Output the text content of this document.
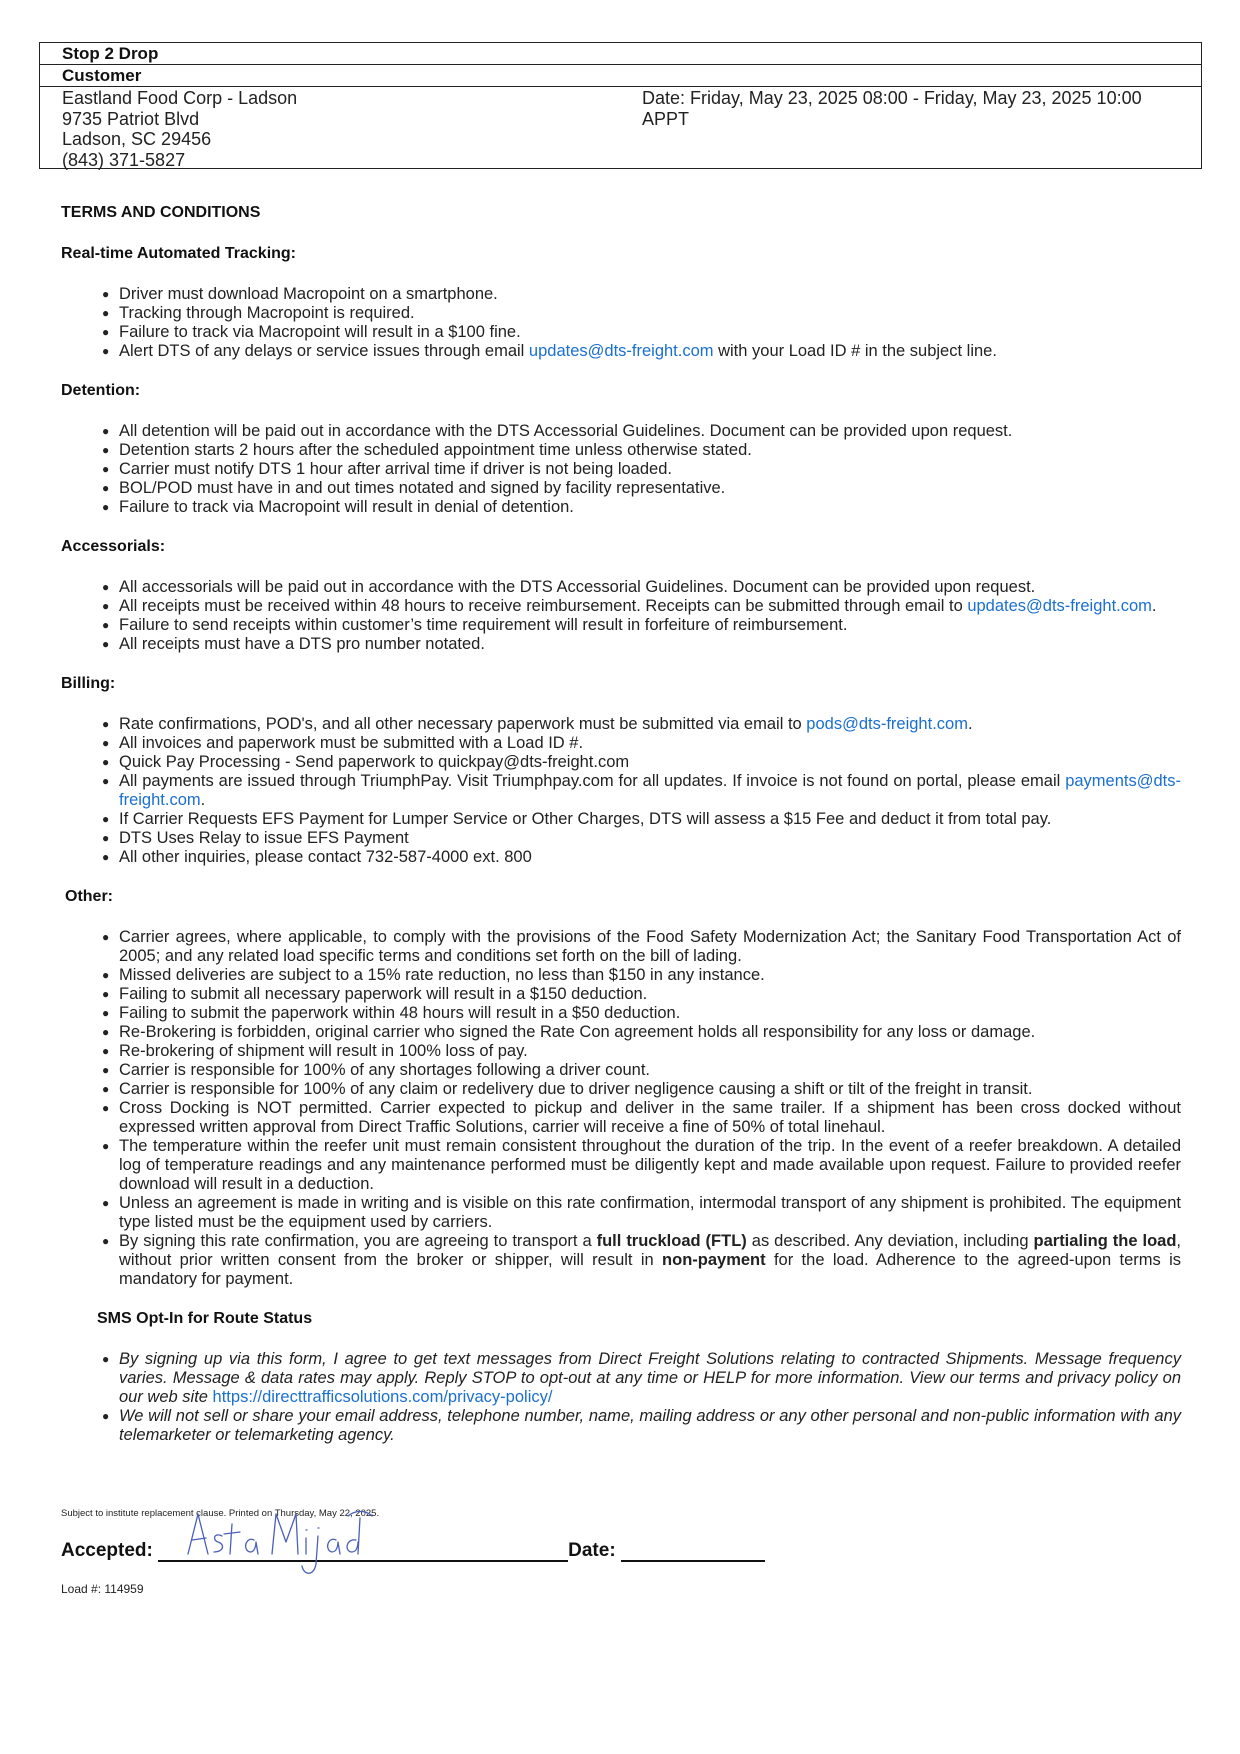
Stop 2 Drop
Customer
Eastland Food Corp - Ladson
9735 Patriot Blvd
Ladson, SC 29456
(843) 371-5827
Date: Friday, May 23, 2025 08:00 - Friday, May 23, 2025 10:00
APPT
TERMS AND CONDITIONS
Real-time Automated Tracking:
● Driver must download Macropoint on a smartphone.
● Tracking through Macropoint is required.
● Failure to track via Macropoint will result in a $100 fine.
● Alert DTS of any delays or service issues through email updates@dts-freight.com with your Load ID # in the subject line.
Detention:
● All detention will be paid out in accordance with the DTS Accessorial Guidelines. Document can be provided upon request.
● Detention starts 2 hours after the scheduled appointment time unless otherwise stated.
● Carrier must notify DTS 1 hour after arrival time if driver is not being loaded.
● BOL/POD must have in and out times notated and signed by facility representative.
● Failure to track via Macropoint will result in denial of detention.
Accessorials:
● All accessorials will be paid out in accordance with the DTS Accessorial Guidelines. Document can be provided upon request.
● All receipts must be received within 48 hours to receive reimbursement. Receipts can be submitted through email to updates@dts-freight.com.
● Failure to send receipts within customer’s time requirement will result in forfeiture of reimbursement.
● All receipts must have a DTS pro number notated.
Billing:
● Rate confirmations, POD's, and all other necessary paperwork must be submitted via email to pods@dts-freight.com.
● All invoices and paperwork must be submitted with a Load ID #.
● Quick Pay Processing - Send paperwork to quickpay@dts-freight.com
● All payments are issued through TriumphPay. Visit Triumphpay.com for all updates. If invoice is not found on portal, please email payments@dts-freight.com.
● If Carrier Requests EFS Payment for Lumper Service or Other Charges, DTS will assess a $15 Fee and deduct it from total pay.
● DTS Uses Relay to issue EFS Payment
● All other inquiries, please contact 732-587-4000 ext. 800
Other:
● Carrier agrees, where applicable, to comply with the provisions of the Food Safety Modernization Act; the Sanitary Food Transportation Act of 2005; and any related load specific terms and conditions set forth on the bill of lading.
● Missed deliveries are subject to a 15% rate reduction, no less than $150 in any instance.
● Failing to submit all necessary paperwork will result in a $150 deduction.
● Failing to submit the paperwork within 48 hours will result in a $50 deduction.
● Re-Brokering is forbidden, original carrier who signed the Rate Con agreement holds all responsibility for any loss or damage.
● Re-brokering of shipment will result in 100% loss of pay.
● Carrier is responsible for 100% of any shortages following a driver count.
● Carrier is responsible for 100% of any claim or redelivery due to driver negligence causing a shift or tilt of the freight in transit.
● Cross Docking is NOT permitted. Carrier expected to pickup and deliver in the same trailer. If a shipment has been cross docked without expressed written approval from Direct Traffic Solutions, carrier will receive a fine of 50% of total linehaul.
● The temperature within the reefer unit must remain consistent throughout the duration of the trip. In the event of a reefer breakdown. A detailed log of temperature readings and any maintenance performed must be diligently kept and made available upon request. Failure to provided reefer download will result in a deduction.
● Unless an agreement is made in writing and is visible on this rate confirmation, intermodal transport of any shipment is prohibited. The equipment type listed must be the equipment used by carriers.
● By signing this rate confirmation, you are agreeing to transport a full truckload (FTL) as described. Any deviation, including partialing the load, without prior written consent from the broker or shipper, will result in non-payment for the load. Adherence to the agreed-upon terms is mandatory for payment.
SMS Opt-In for Route Status
● By signing up via this form, I agree to get text messages from Direct Freight Solutions relating to contracted Shipments. Message frequency varies. Message & data rates may apply. Reply STOP to opt-out at any time or HELP for more information. View our terms and privacy policy on our web site https://directtrafficsolutions.com/privacy-policy/
● We will not sell or share your email address, telephone number, name, mailing address or any other personal and non-public information with any telemarketer or telemarketing agency.
Subject to institute replacement clause. Printed on Thursday, May 22, 2025.
Accepted:	Date:
Load #: 114959
